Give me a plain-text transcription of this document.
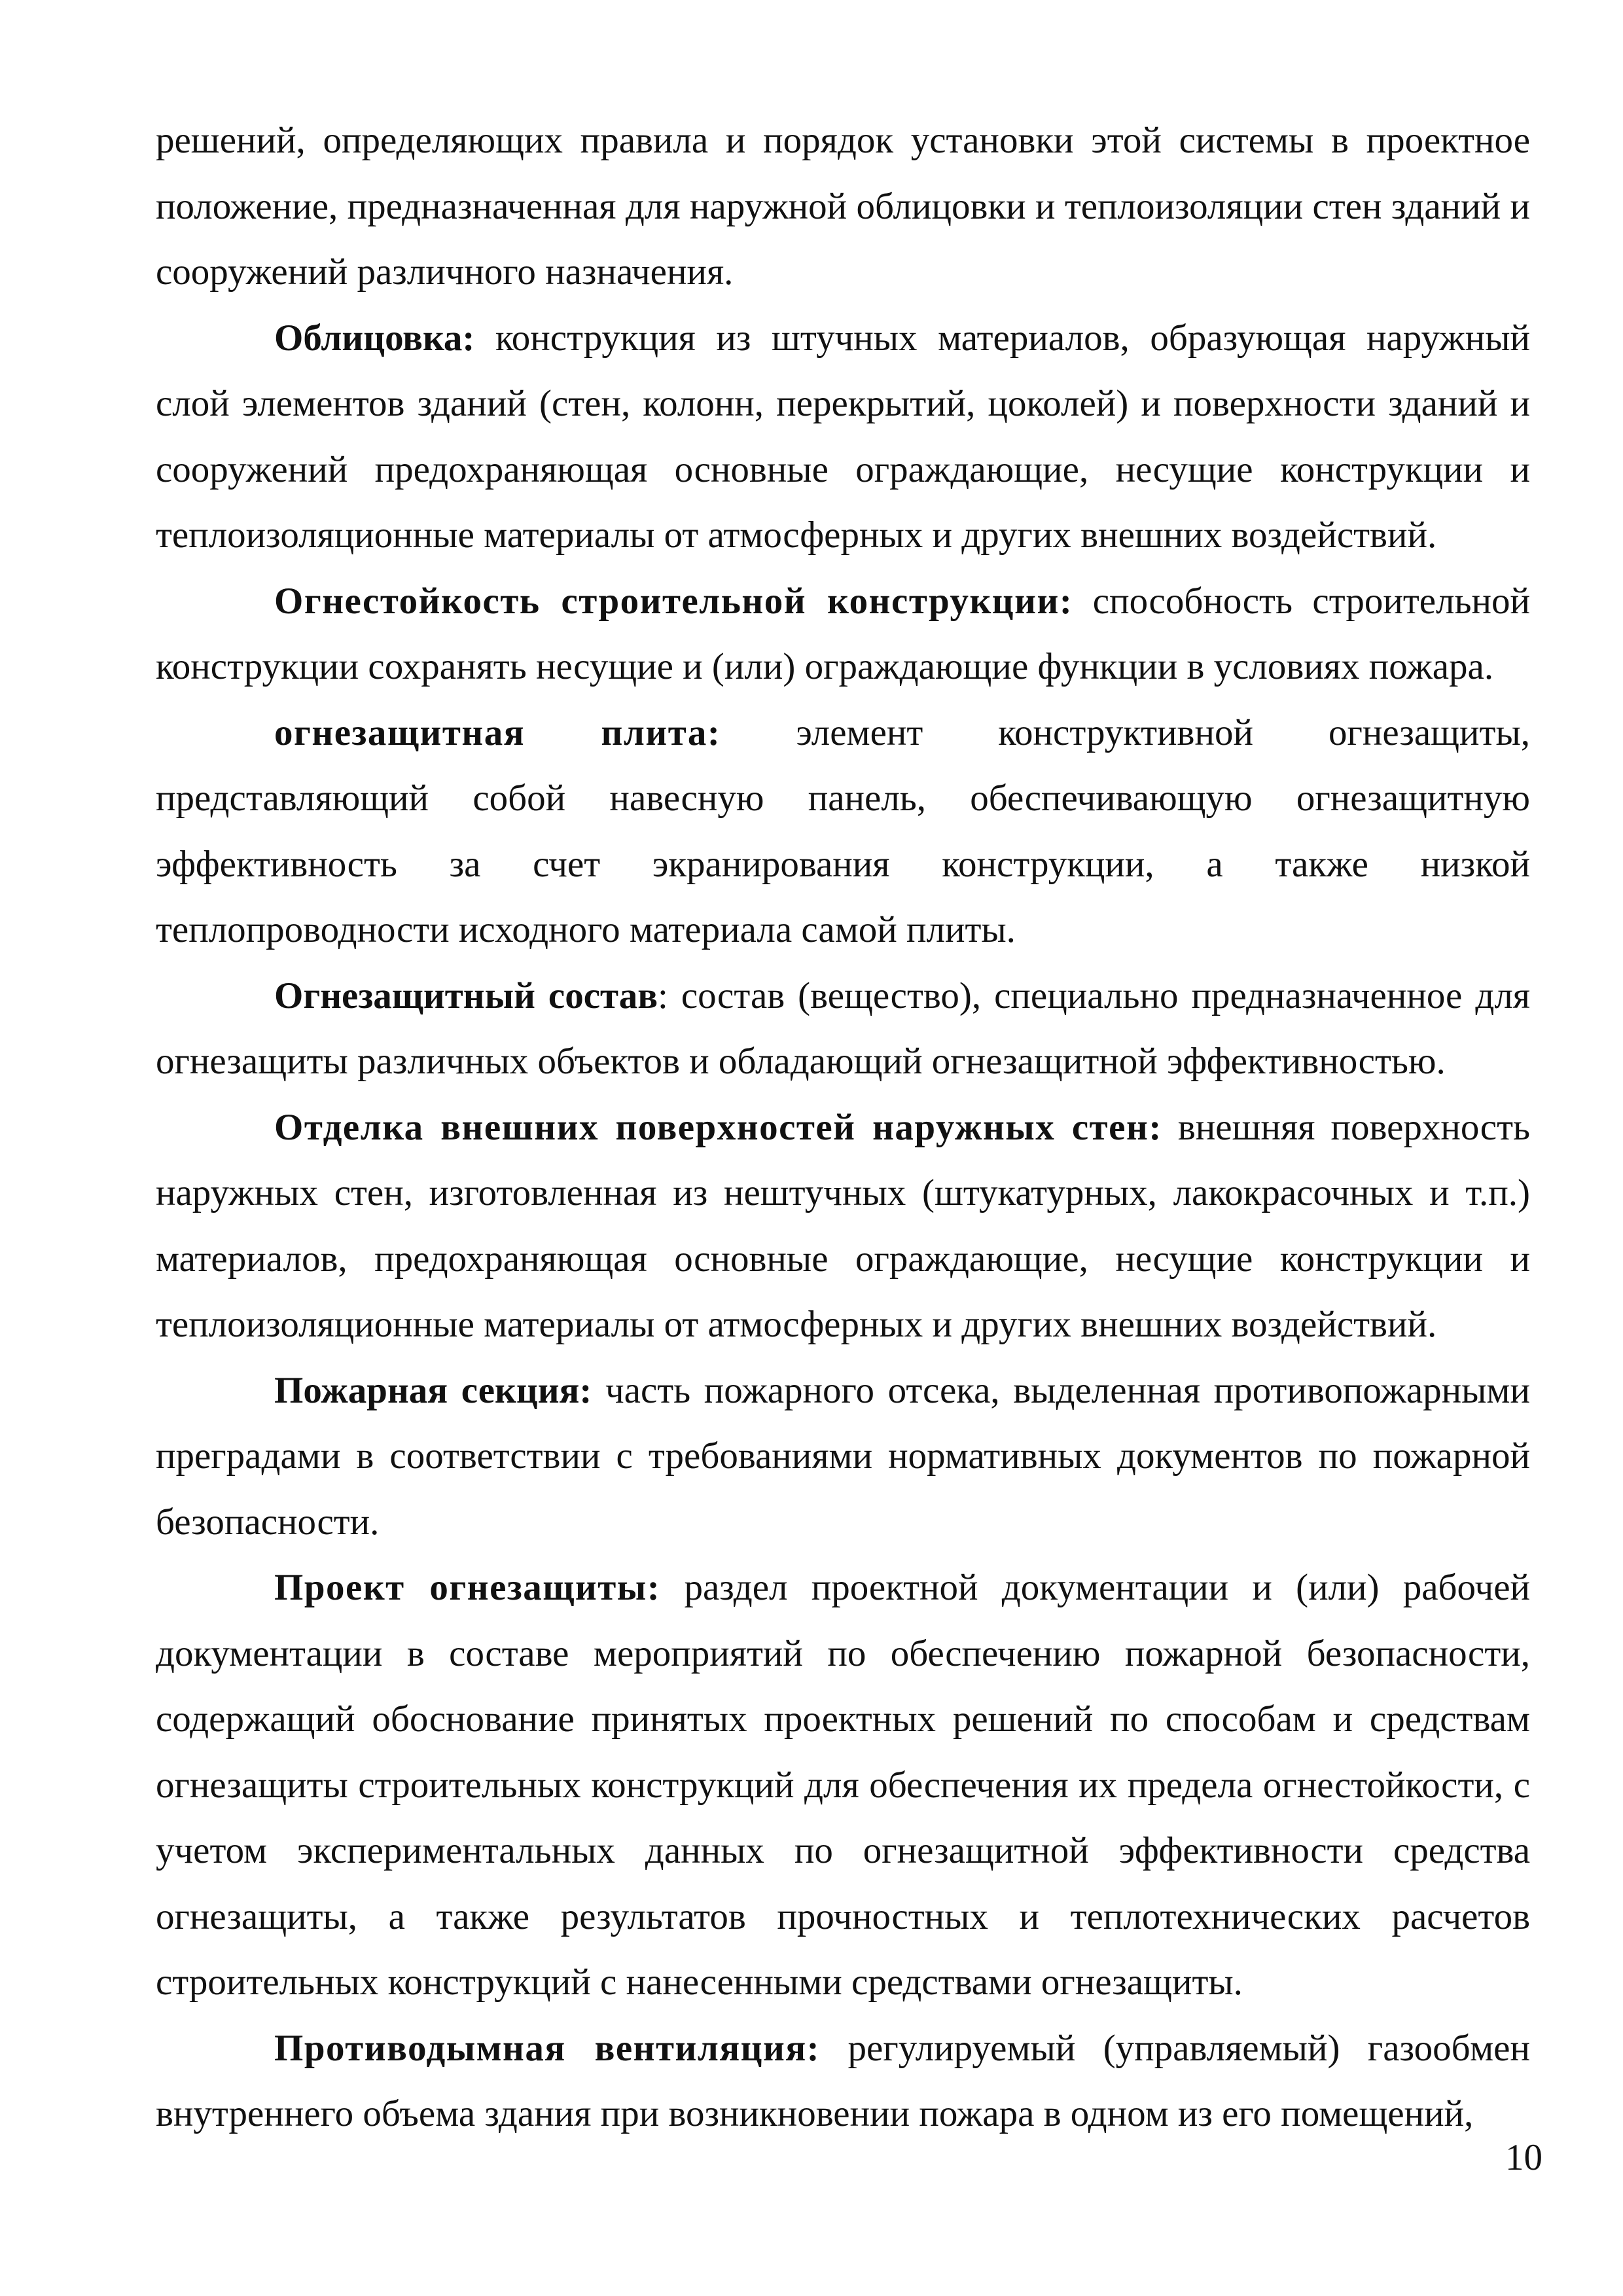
решений, определяющих правила и порядок установки этой системы в проектное положение, предназначенная для наружной облицовки и теплоизоляции стен зданий и сооружений различного назначения.

Облицовка: конструкция из штучных материалов, образующая наружный слой элементов зданий (стен, колонн, перекрытий, цоколей) и поверхности зданий и сооружений предохраняющая основные ограждающие, несущие конструкции и теплоизоляционные материалы от атмосферных и других внешних воздействий.

Огнестойкость строительной конструкции: способность строительной конструкции сохранять несущие и (или) ограждающие функции в условиях пожара.

огнезащитная плита: элемент конструктивной огнезащиты, представляющий собой навесную панель, обеспечивающую огнезащитную эффективность за счет экранирования конструкции, а также низкой теплопроводности исходного материала самой плиты.

Огнезащитный состав: состав (вещество), специально предназначенное для огнезащиты различных объектов и обладающий огнезащитной эффективностью.

Отделка внешних поверхностей наружных стен: внешняя поверхность наружных стен, изготовленная из нештучных (штукатурных, лакокрасочных и т.п.) материалов, предохраняющая основные ограждающие, несущие конструкции и теплоизоляционные материалы от атмосферных и других внешних воздействий.

Пожарная секция: часть пожарного отсека, выделенная противопожарными преградами в соответствии с требованиями нормативных документов по пожарной безопасности.

Проект огнезащиты: раздел проектной документации и (или) рабочей документации в составе мероприятий по обеспечению пожарной безопасности, содержащий обоснование принятых проектных решений по способам и средствам огнезащиты строительных конструкций для обеспечения их предела огнестойкости, с учетом экспериментальных данных по огнезащитной эффективности средства огнезащиты, а также результатов прочностных и теплотехнических расчетов строительных конструкций с нанесенными средствами огнезащиты.

Противодымная вентиляция: регулируемый (управляемый) газообмен внутреннего объема здания при возникновении пожара в одном из его помещений,

10
